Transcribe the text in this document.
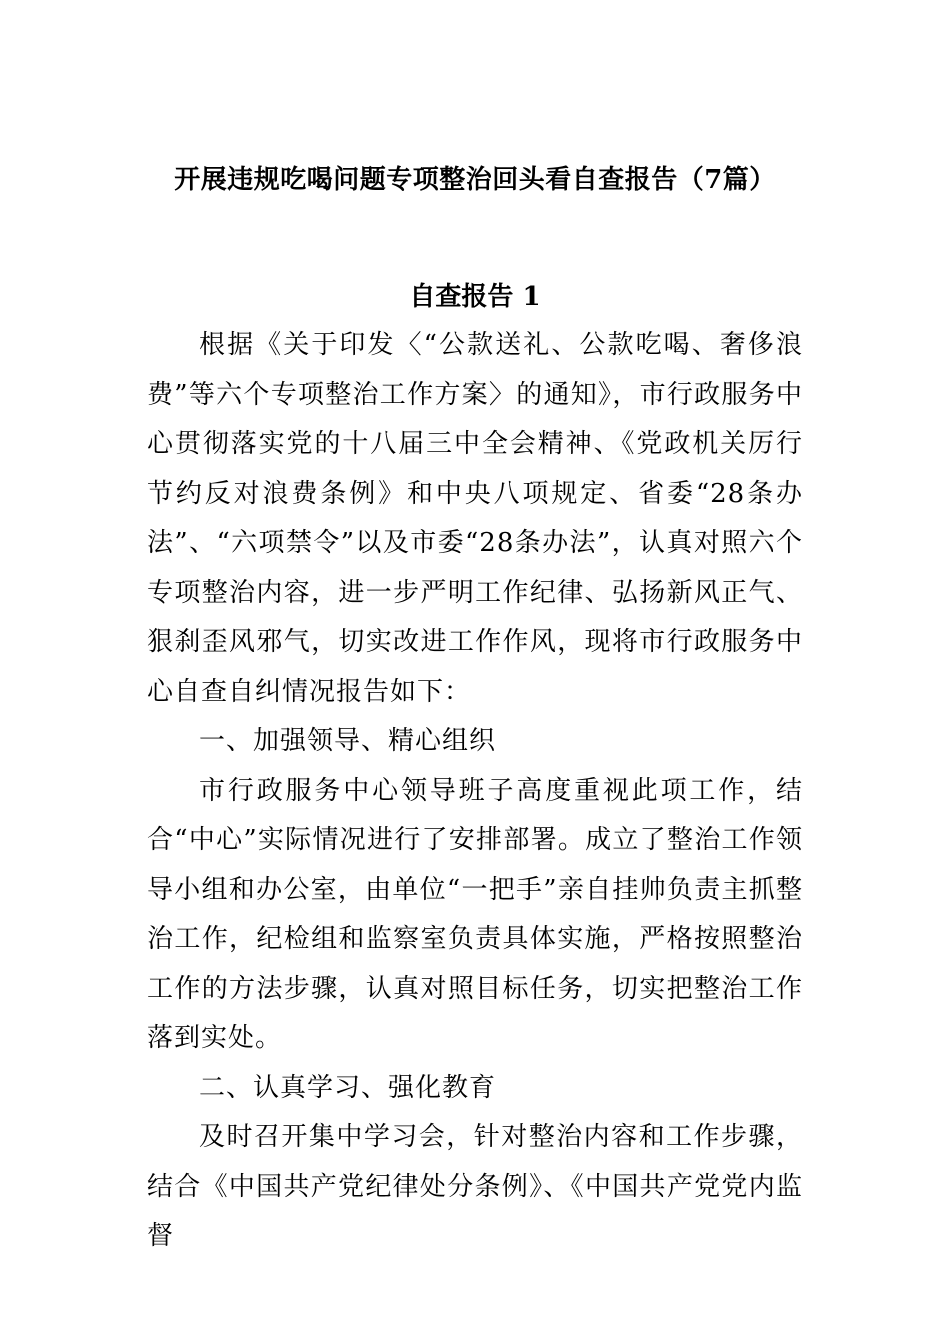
开展违规吃喝问题专项整治回头看自查报告（7篇）
自查报告 1

根据《关于印发〈“公款送礼、公款吃喝、奢侈浪费”等六个专项整治工作方案〉的通知》，市行政服务中心贯彻落实党的十八届三中全会精神、《党政机关厉行节约反对浪费条例》和中央八项规定、省委“28条办法”、“六项禁令”以及市委“28条办法”，认真对照六个专项整治内容，进一步严明工作纪律、弘扬新风正气、狠刹歪风邪气，切实改进工作作风，现将市行政服务中心自查自纠情况报告如下：

一、加强领导、精心组织

市行政服务中心领导班子高度重视此项工作，结合“中心”实际情况进行了安排部署。成立了整治工作领导小组和办公室，由单位“一把手”亲自挂帅负责主抓整治工作，纪检组和监察室负责具体实施，严格按照整治工作的方法步骤，认真对照目标任务，切实把整治工作落到实处。

二、认真学习、强化教育

及时召开集中学习会，针对整治内容和工作步骤，结合《中国共产党纪律处分条例》、《中国共产党党内监督
